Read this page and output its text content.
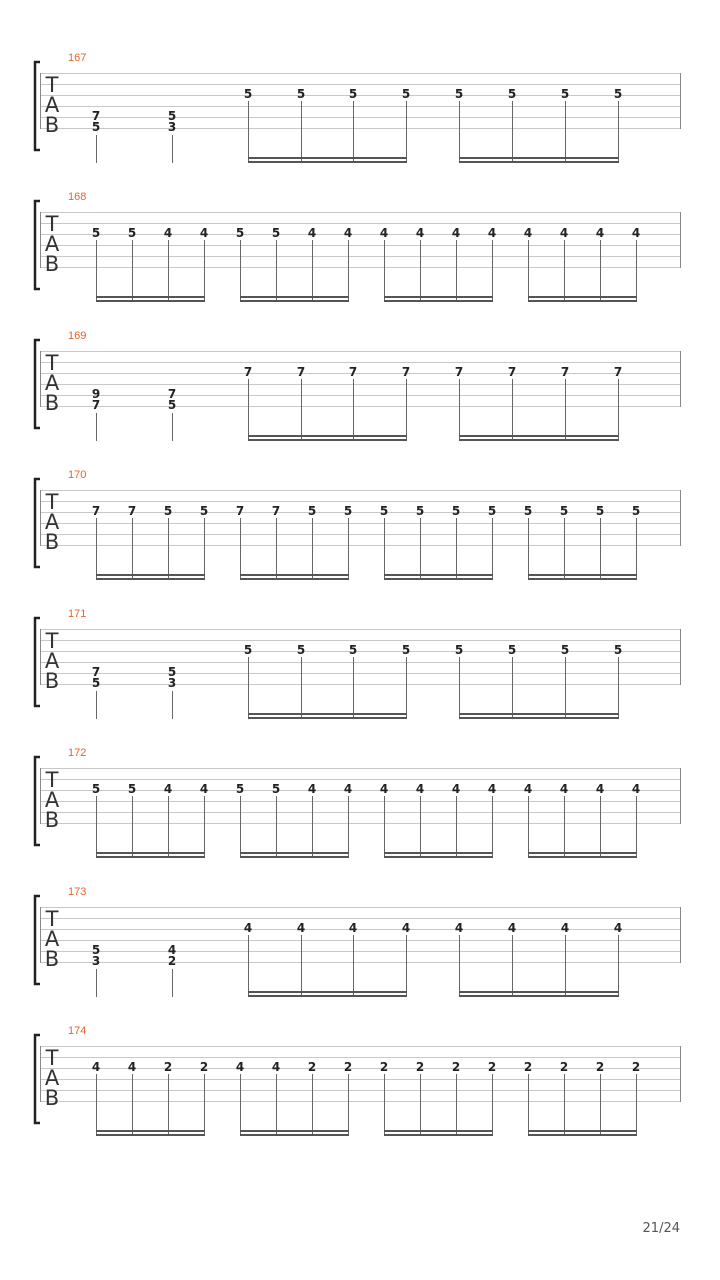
167
T
A
B	7
5
5
3
5	5	5	5	5	5	5	5
168
T
A
B
5 5 4 4 5 5 4 4 4 4 4 4 4 4 4 4
169
T
A
B	9
7
7
5
7	7	7	7	7	7	7	7
170
T
A
B
7 7 5 5 7 7 5 5 5 5 5 5 5 5 5 5
171
T
A
B	7
5
5
3
5	5	5	5	5	5	5	5
172
T
A
B
5 5 4 4 5 5 4 4 4 4 4 4 4 4 4 4
173
T
A
B	5
3
4
2
4	4	4	4	4	4	4	4
174
T
A
B
4 4 2 2 4 4 2 2 2 2 2 2 2 2 2 2
21/24
